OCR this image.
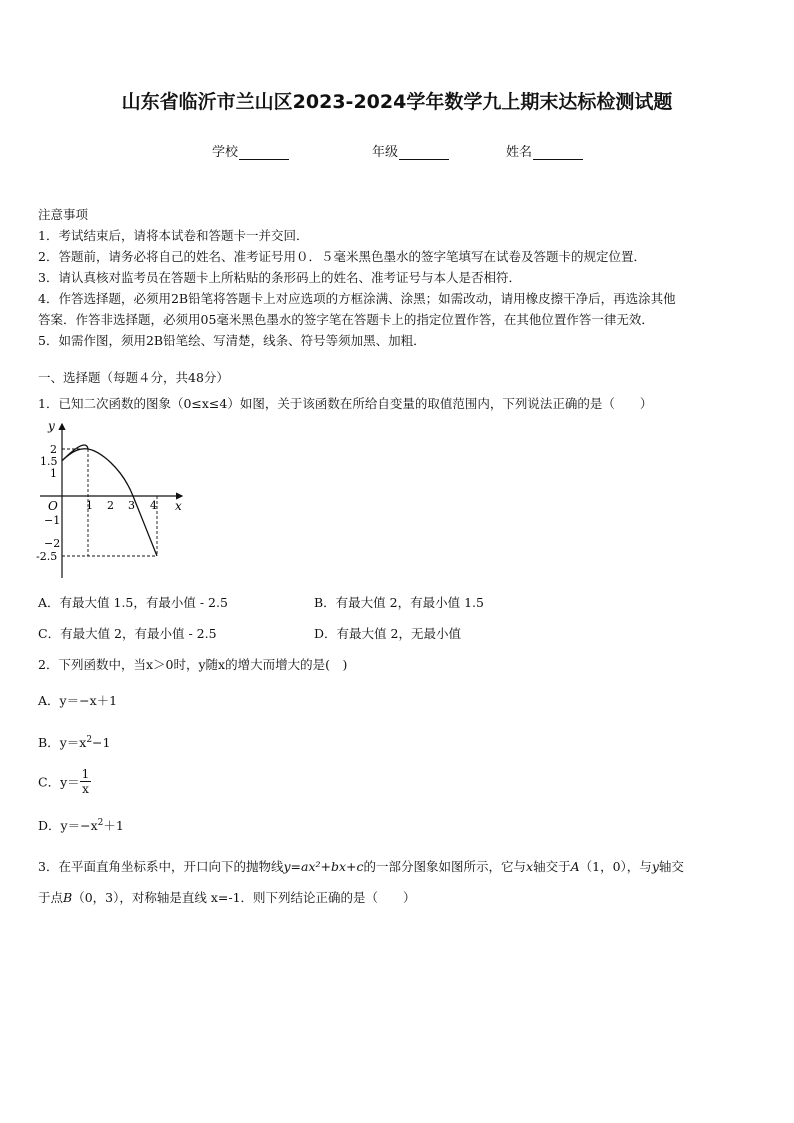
山东省临沂市兰山区2023-2024学年数学九上期末达标检测试题
学校	年级	姓名

注意事项

1．考试结束后，请将本试卷和答题卡一并交回．

2．答题前，请务必将自己的姓名、准考证号用０．５毫米黑色墨水的签字笔填写在试卷及答题卡的规定位置．

3．请认真核对监考员在答题卡上所粘贴的条形码上的姓名、准考证号与本人是否相符．

4．作答选择题，必须用2B铅笔将答题卡上对应选项的方框涂满、涂黑；如需改动，请用橡皮擦干净后，再选涂其他

答案．作答非选择题，必须用05毫米黑色墨水的签字笔在答题卡上的指定位置作答，在其他位置作答一律无效．

5．如需作图，须用2B铅笔绘、写清楚，线条、符号等须加黑、加粗．

一、选择题（每题４分，共48分）
1．已知二次函数的图象（0≤x≤4）如图，关于该函数在所给自变量的取值范围内，下列说法正确的是（　　）
y
x
O
2
1.5
1
−1
−2
-2.5
1 2 3 4
A．有最大值 1.5，有最小值 - 2.5	B．有最大值 2，有最小值 1.5
C．有最大值 2，有最小值 - 2.5	D．有最大值 2，无最小值
2．下列函数中，当x＞0时，y随x的增大而增大的是(　)
A．y＝−x＋1
B．$y=x^2-1$
C．$y= \frac{1}{x}$
D．$y=-x^2+1$
3．在平面直角坐标系中，开口向下的抛物线y=ax²+bx+c的一部分图象如图所示，它与x轴交于A（1，0），与y轴交
于点B（0，3），对称轴是直线 x=-1．则下列结论正确的是（　　）
